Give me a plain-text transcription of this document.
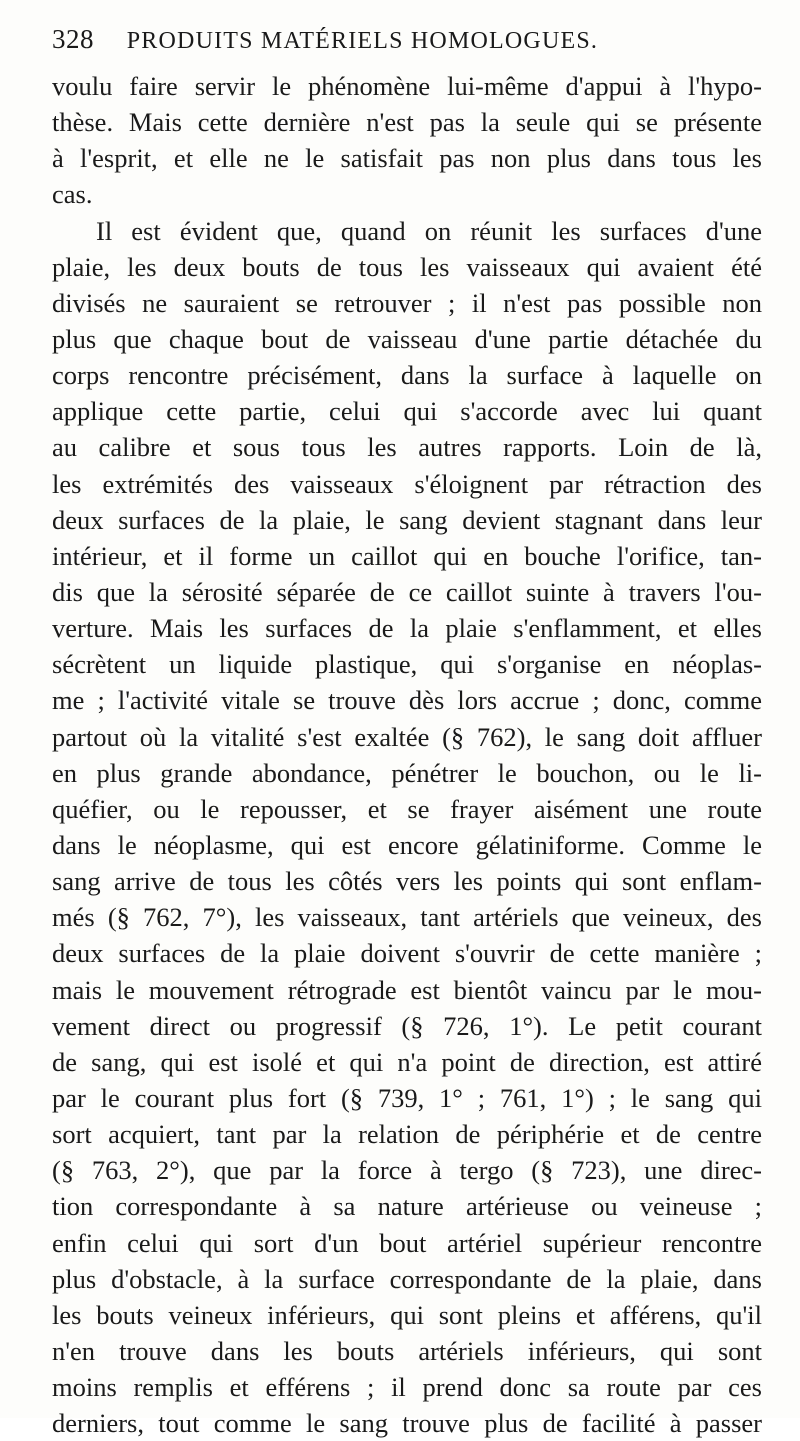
328 PRODUITS MATÉRIELS HOMOLOGUES.
voulu faire servir le phénomène lui-même d'appui à l'hypo-
thèse. Mais cette dernière n'est pas la seule qui se présente
à l'esprit, et elle ne le satisfait pas non plus dans tous les
cas.
Il est évident que, quand on réunit les surfaces d'une
plaie, les deux bouts de tous les vaisseaux qui avaient été
divisés ne sauraient se retrouver ; il n'est pas possible non
plus que chaque bout de vaisseau d'une partie détachée du
corps rencontre précisément, dans la surface à laquelle on
applique cette partie, celui qui s'accorde avec lui quant
au calibre et sous tous les autres rapports. Loin de là,
les extrémités des vaisseaux s'éloignent par rétraction des
deux surfaces de la plaie, le sang devient stagnant dans leur
intérieur, et il forme un caillot qui en bouche l'orifice, tan-
dis que la sérosité séparée de ce caillot suinte à travers l'ou-
verture. Mais les surfaces de la plaie s'enflamment, et elles
sécrètent un liquide plastique, qui s'organise en néoplas-
me ; l'activité vitale se trouve dès lors accrue ; donc, comme
partout où la vitalité s'est exaltée (§ 762), le sang doit affluer
en plus grande abondance, pénétrer le bouchon, ou le li-
quéfier, ou le repousser, et se frayer aisément une route
dans le néoplasme, qui est encore gélatiniforme. Comme le
sang arrive de tous les côtés vers les points qui sont enflam-
més (§ 762, 7°), les vaisseaux, tant artériels que veineux, des
deux surfaces de la plaie doivent s'ouvrir de cette manière ;
mais le mouvement rétrograde est bientôt vaincu par le mou-
vement direct ou progressif (§ 726, 1°). Le petit courant
de sang, qui est isolé et qui n'a point de direction, est attiré
par le courant plus fort (§ 739, 1° ; 761, 1°) ; le sang qui
sort acquiert, tant par la relation de périphérie et de centre
(§ 763, 2°), que par la force à tergo (§ 723), une direc-
tion correspondante à sa nature artérieuse ou veineuse ;
enfin celui qui sort d'un bout artériel supérieur rencontre
plus d'obstacle, à la surface correspondante de la plaie, dans
les bouts veineux inférieurs, qui sont pleins et afférens, qu'il
n'en trouve dans les bouts artériels inférieurs, qui sont
moins remplis et efférens ; il prend donc sa route par ces
derniers, tout comme le sang trouve plus de facilité à passer
